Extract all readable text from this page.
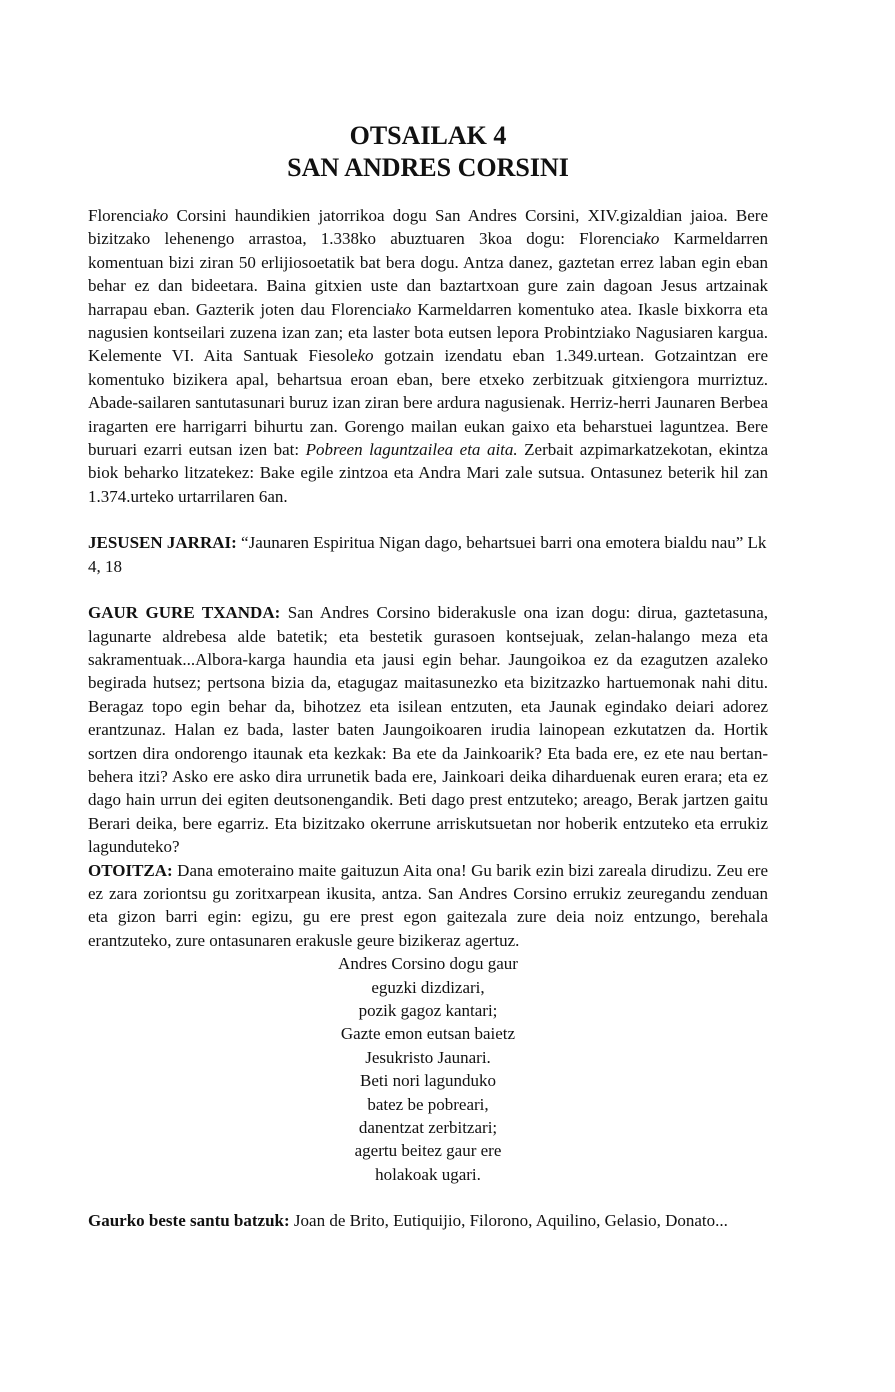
OTSAILAK 4
SAN ANDRES CORSINI

Florenciako Corsini haundikien jatorrikoa dogu San Andres Corsini, XIV.gizaldian jaioa. Bere bizitzako lehenengo arrastoa, 1.338ko abuztuaren 3koa dogu: Florenciako Karmeldarren komentuan bizi ziran 50 erlijiosoetatik bat bera dogu. Antza danez, gaztetan errez laban egin eban behar ez dan bideetara. Baina gitxien uste dan baztartxoan gure zain dagoan Jesus artzainak harrapau eban. Gazterik joten dau Florenciako Karmeldarren komentuko atea. Ikasle bixkorra eta nagusien kontseilari zuzena izan zan; eta laster bota eutsen lepora Probintziako Nagusiaren kargua. Kelemente VI. Aita Santuak Fiesoleko gotzain izendatu eban 1.349.urtean. Gotzaintzan ere komentuko bizikera apal, behartsua eroan eban, bere etxeko zerbitzuak gitxiengora murriztuz. Abade-sailaren santutasunari buruz izan ziran bere ardura nagusienak. Herriz-herri Jaunaren Berbea iragarten ere harrigarri bihurtu zan. Gorengo mailan eukan gaixo eta beharstuei laguntzea. Bere buruari ezarri eutsan izen bat: Pobreen laguntzailea eta aita. Zerbait azpimarkatzekotan, ekintza biok beharko litzatekez: Bake egile zintzoa eta Andra Mari zale sutsua. Ontasunez beterik hil zan 1.374.urteko urtarrilaren 6an.

JESUSEN JARRAI: “Jaunaren Espiritua Nigan dago, behartsuei barri ona emotera bialdu nau” Lk 4, 18

GAUR GURE TXANDA: San Andres Corsino biderakusle ona izan dogu: dirua, gaztetasuna, lagunarte aldrebesa alde batetik; eta bestetik gurasoen kontsejuak, zelan-halango meza eta sakramentuak...Albora-karga haundia eta jausi egin behar. Jaungoikoa ez da ezagutzen azaleko begirada hutsez; pertsona bizia da, etagugaz maitasunezko eta bizitzazko hartuemonak nahi ditu. Beragaz topo egin behar da, bihotzez eta isilean entzuten, eta Jaunak egindako deiari adorez erantzunaz. Halan ez bada, laster baten Jaungoikoaren irudia lainopean ezkutatzen da. Hortik sortzen dira ondorengo itaunak eta kezkak: Ba ete da Jainkoarik? Eta bada ere, ez ete nau bertan-behera itzi? Asko ere asko dira urrunetik bada ere, Jainkoari deika diharduenak euren erara; eta ez dago hain urrun dei egiten deutsonengandik. Beti dago prest entzuteko; areago, Berak jartzen gaitu Berari deika, bere egarriz. Eta bizitzako okerrune arriskutsuetan nor hoberik entzuteko eta errukiz lagunduteko?

OTOITZA: Dana emoteraino maite gaituzun Aita ona! Gu barik ezin bizi zareala dirudizu. Zeu ere ez zara zoriontsu gu zoritxarpean ikusita, antza. San Andres Corsino errukiz zeuregandu zenduan eta gizon barri egin: egizu, gu ere prest egon gaitezala zure deia noiz entzungo, berehala erantzuteko, zure ontasunaren erakusle geure bizikeraz agertuz.

Andres Corsino dogu gaur
eguzki dizdizari,
pozik gagoz kantari;
Gazte emon eutsan baietz
Jesukristo Jaunari.
Beti nori lagunduko
batez be pobreari,
danentzat zerbitzari;
agertu beitez gaur ere
holakoak ugari.

Gaurko beste santu batzuk: Joan de Brito, Eutiquijio, Filorono, Aquilino, Gelasio, Donato...
